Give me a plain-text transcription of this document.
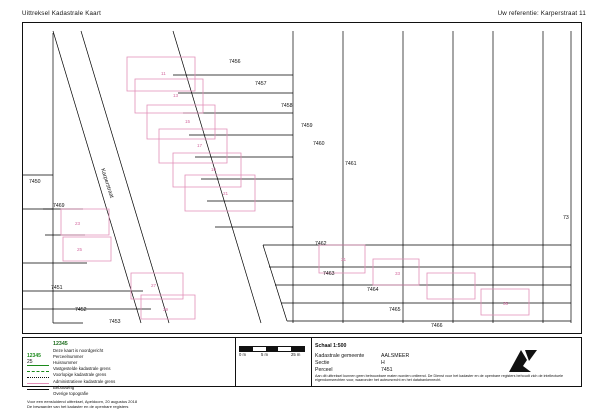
Uittreksel Kadastrale Kaart	Uw referentie: Karperstraat 11
Karperstraat
7456
7457
7458
7459
7460
7461
7462
7463
7464
7465
7466
7450
7469
7451
7452
7453
73
11
13
15
17
19
21
23
25
27
29
31
33
35
12345
	Deze kaart is noordgericht
12345	Perceelnummer
25	Huisnummer
	Vastgestelde kadastrale grens
	Voorlopige kadastrale grens
	Administratieve kadastrale grens
	Bebouwing
	Overige topografie
Voor een eensluidend uittreksel, Apeldoorn, 20 augustus 2018
De bewaarder van het kadaster en de openbare registers
0 m	5 m	25 m
Schaal 1:500
Kadastrale gemeente	AALSMEER
Sectie	H
Perceel	7451
Aan dit uittreksel kunnen geen betrouwbare maten worden ontleend. De Dienst voor het kadaster en de openbare registers behoudt zich de intellectuele eigendomsrechten voor, waaronder het auteursrecht en het databankenrecht.
